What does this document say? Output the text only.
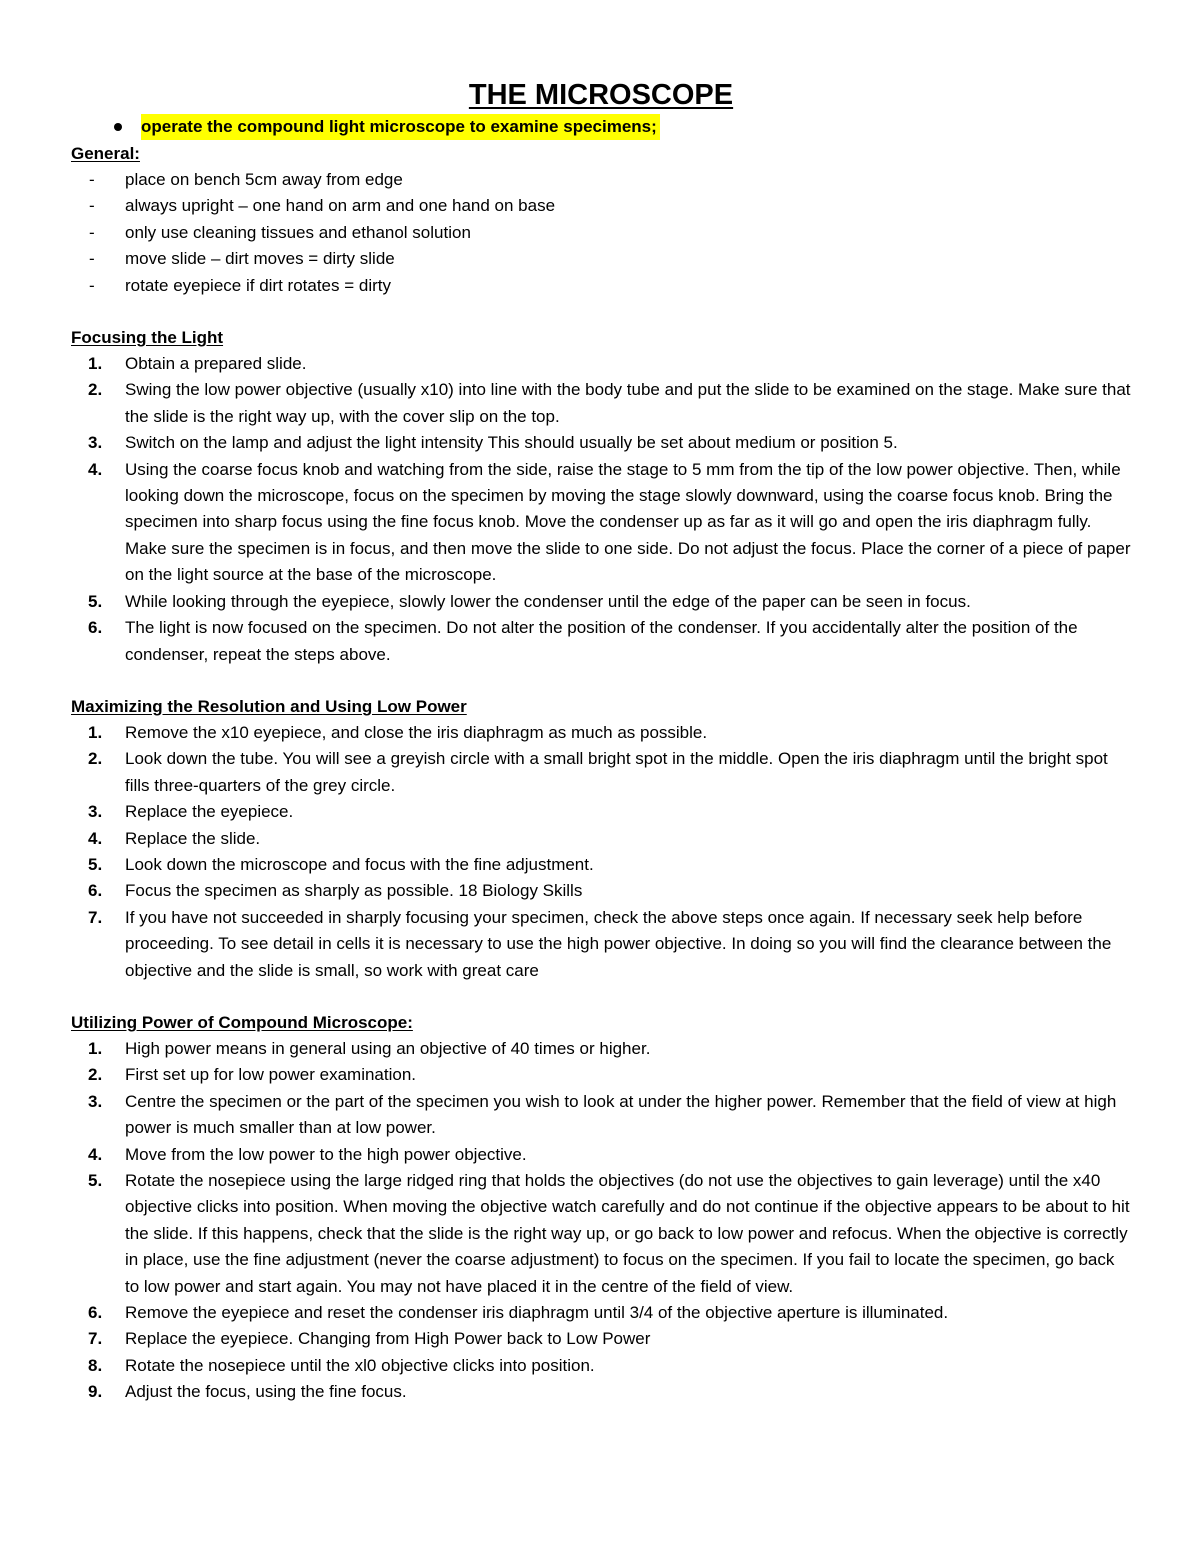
THE MICROSCOPE
operate the compound light microscope to examine specimens;
General:
- place on bench 5cm away from edge
- always upright – one hand on arm and one hand on base
- only use cleaning tissues and ethanol solution
- move slide – dirt moves = dirty slide
- rotate eyepiece if dirt rotates = dirty
Focusing the Light
1. Obtain a prepared slide.
2. Swing the low power objective (usually x10) into line with the body tube and put the slide to be examined on the stage. Make sure that the slide is the right way up, with the cover slip on the top.
3. Switch on the lamp and adjust the light intensity This should usually be set about medium or position 5.
4. Using the coarse focus knob and watching from the side, raise the stage to 5 mm from the tip of the low power objective. Then, while looking down the microscope, focus on the specimen by moving the stage slowly downward, using the coarse focus knob. Bring the specimen into sharp focus using the fine focus knob. Move the condenser up as far as it will go and open the iris diaphragm fully. Make sure the specimen is in focus, and then move the slide to one side. Do not adjust the focus. Place the corner of a piece of paper on the light source at the base of the microscope.
5. While looking through the eyepiece, slowly lower the condenser until the edge of the paper can be seen in focus.
6. The light is now focused on the specimen. Do not alter the position of the condenser. If you accidentally alter the position of the condenser, repeat the steps above.
Maximizing the Resolution and Using Low Power
1. Remove the x10 eyepiece, and close the iris diaphragm as much as possible.
2. Look down the tube. You will see a greyish circle with a small bright spot in the middle. Open the iris diaphragm until the bright spot fills three-quarters of the grey circle.
3. Replace the eyepiece.
4. Replace the slide.
5. Look down the microscope and focus with the fine adjustment.
6. Focus the specimen as sharply as possible. 18 Biology Skills
7. If you have not succeeded in sharply focusing your specimen, check the above steps once again. If necessary seek help before proceeding. To see detail in cells it is necessary to use the high power objective. In doing so you will find the clearance between the objective and the slide is small, so work with great care
Utilizing Power of Compound Microscope:
1. High power means in general using an objective of 40 times or higher.
2. First set up for low power examination.
3. Centre the specimen or the part of the specimen you wish to look at under the higher power. Remember that the field of view at high power is much smaller than at low power.
4. Move from the low power to the high power objective.
5. Rotate the nosepiece using the large ridged ring that holds the objectives (do not use the objectives to gain leverage) until the x40 objective clicks into position. When moving the objective watch carefully and do not continue if the objective appears to be about to hit the slide. If this happens, check that the slide is the right way up, or go back to low power and refocus. When the objective is correctly in place, use the fine adjustment (never the coarse adjustment) to focus on the specimen. If you fail to locate the specimen, go back to low power and start again. You may not have placed it in the centre of the field of view.
6. Remove the eyepiece and reset the condenser iris diaphragm until 3/4 of the objective aperture is illuminated.
7. Replace the eyepiece. Changing from High Power back to Low Power
8. Rotate the nosepiece until the xl0 objective clicks into position.
9. Adjust the focus, using the fine focus.
